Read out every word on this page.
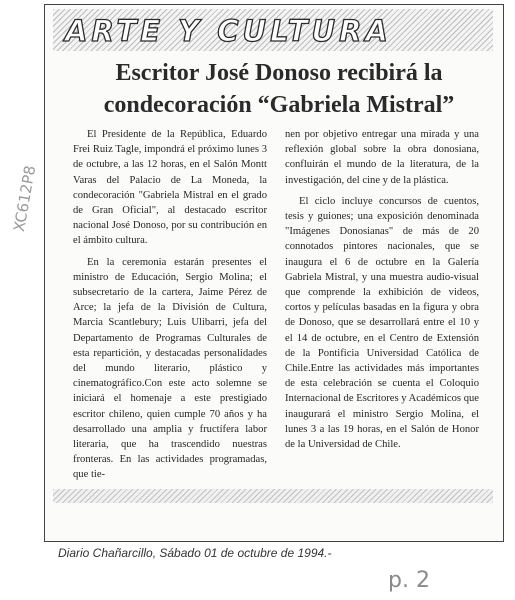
ARTE Y CULTURA
Escritor José Donoso recibirá la condecoración “Gabriela Mistral”

El Presidente de la República, Eduardo Frei Ruiz Tagle, impondrá el próximo lunes 3 de octubre, a las 12 horas, en el Salón Montt Varas del Palacio de La Moneda, la condecoración "Gabriela Mistral en el grado de Gran Oficial", al destacado escritor nacional José Donoso, por su contribución en el ámbito cultura.

En la ceremonia estarán presentes el ministro de Educación, Sergio Molina; el subsecretario de la cartera, Jaime Pérez de Arce; la jefa de la División de Cultura, Marcia Scantlebury; Luis Ulibarri, jefa del Departamento de Programas Culturales de esta repartición, y destacadas personalidades del mundo literario, plástico y cinematográfico.Con este acto solemne se iniciará el homenaje a este prestigiado escritor chileno, quien cumple 70 años y ha desarrollado una amplia y fructífera labor literaria, que ha trascendido nuestras fronteras. En las actividades programadas, que tie-

nen por objetivo entregar una mirada y una reflexión global sobre la obra donosiana, confluirán el mundo de la literatura, de la investigación, del cine y de la plástica.

El ciclo incluye concursos de cuentos, tesis y guiones; una exposición denominada "Imágenes Donosianas" de más de 20 connotados pintores nacionales, que se inaugura el 6 de octubre en la Galería Gabriela Mistral, y una muestra audio-visual que comprende la exhibición de videos, cortos y películas basadas en la figura y obra de Donoso, que se desarrollará entre el 10 y el 14 de octubre, en el Centro de Extensión de la Pontificia Universidad Católica de Chile.Entre las actividades más importantes de esta celebración se cuenta el Coloquio Internacional de Escritores y Académicos que inaugurará el ministro Sergio Molina, el lunes 3 a las 19 horas, en el Salón de Honor de la Universidad de Chile.

Diario Chañarcillo, Sábado 01 de octubre de 1994.-
XC612P8
p. 2
